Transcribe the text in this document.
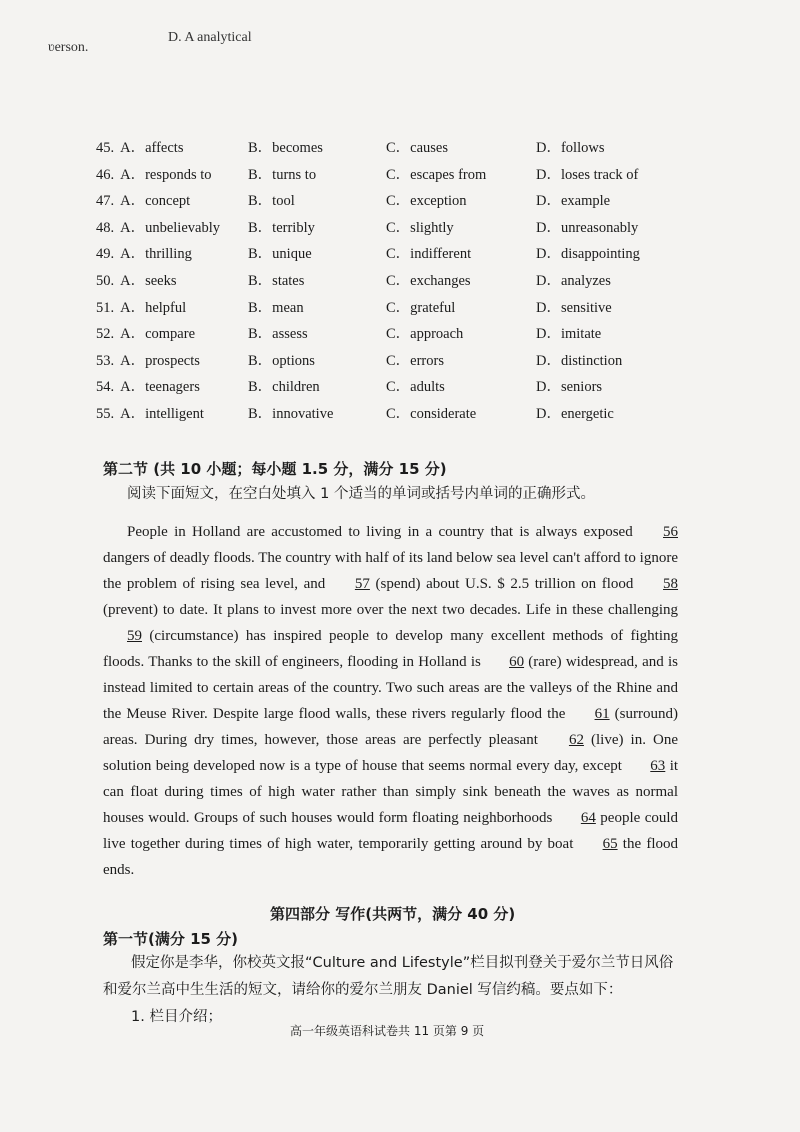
ʋerson.
D. A analytical
45. A．affects	B．becomes	C．causes	D．follows
46. A．responds to	B．turns to	C．escapes from	D．loses track of
47. A．concept	B．tool	C．exception	D．example
48. A．unbelievably B．terribly	C．slightly	D．unreasonably
49. A．thrilling	B．unique	C．indifferent	D．disappointing
50. A．seeks	B．states	C．exchanges	D．analyzes
51. A．helpful	B．mean	C．grateful	D．sensitive
52. A．compare	B．assess	C．approach	D．imitate
53. A．prospects	B．options	C．errors	D．distinction
54. A．teenagers	B．children	C．adults	D．seniors
55. A．intelligent	B．innovative	C．considerate	D．energetic
第二节 (共 10 小题；每小题 1.5 分，满分 15 分)
阅读下面短文，在空白处填入 1 个适当的单词或括号内单词的正确形式。

People in Holland are accustomed to living in a country that is always exposed 56 dangers of deadly floods. The country with half of its land below sea level can't afford to ignore the problem of rising sea level, and 57 (spend) about U.S. $ 2.5 trillion on flood 58 (prevent) to date. It plans to invest more over the next two decades. Life in these challenging 59 (circumstance) has inspired people to develop many excellent methods of fighting floods. Thanks to the skill of engineers, flooding in Holland is 60 (rare) widespread, and is instead limited to certain areas of the country. Two such areas are the valleys of the Rhine and the Meuse River. Despite large flood walls, these rivers regularly flood the 61 (surround) areas. During dry times, however, those areas are perfectly pleasant 62 (live) in. One solution being developed now is a type of house that seems normal every day, except 63 it can float during times of high water rather than simply sink beneath the waves as normal houses would. Groups of such houses would form floating neighborhoods 64 people could live together during times of high water, temporarily getting around by boat 65 the flood ends.

第四部分 写作(共两节，满分 40 分)
第一节(满分 15 分)

假定你是李华，你校英文报“Culture and Lifestyle”栏目拟刊登关于爱尔兰节日风俗和爱尔兰高中生生活的短文，请给你的爱尔兰朋友 Daniel 写信约稿。要点如下：

1. 栏目介绍；

高一年级英语科试卷共 11 页第 9 页
